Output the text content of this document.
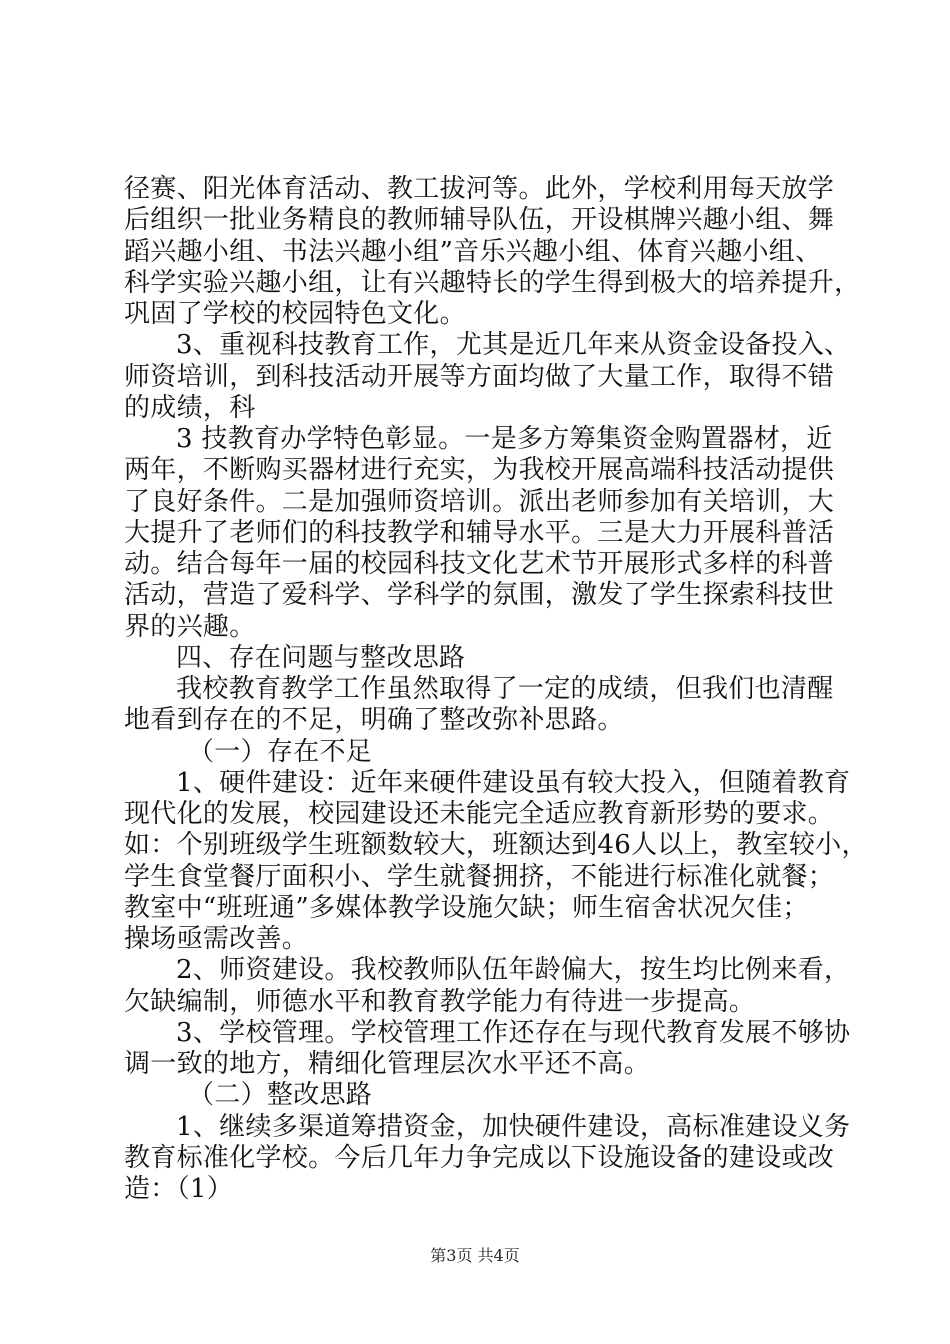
径赛、阳光体育活动、教工拔河等。此外，学校利用每天放学
后组织一批业务精良的教师辅导队伍，开设棋牌兴趣小组、舞
蹈兴趣小组、书法兴趣小组”音乐兴趣小组、体育兴趣小组、
科学实验兴趣小组，让有兴趣特长的学生得到极大的培养提升，
巩固了学校的校园特色文化。
3、重视科技教育工作，尤其是近几年来从资金设备投入、
师资培训，到科技活动开展等方面均做了大量工作，取得不错
的成绩，科
3 技教育办学特色彰显。一是多方筹集资金购置器材，近
两年，不断购买器材进行充实，为我校开展高端科技活动提供
了良好条件。二是加强师资培训。派出老师参加有关培训，大
大提升了老师们的科技教学和辅导水平。三是大力开展科普活
动。结合每年一届的校园科技文化艺术节开展形式多样的科普
活动，营造了爱科学、学科学的氛围，激发了学生探索科技世
界的兴趣。
四、存在问题与整改思路
我校教育教学工作虽然取得了一定的成绩，但我们也清醒
地看到存在的不足，明确了整改弥补思路。
（一）存在不足
1、硬件建设：近年来硬件建设虽有较大投入，但随着教育
现代化的发展，校园建设还未能完全适应教育新形势的要求。
如：个别班级学生班额数较大，班额达到46人以上，教室较小，
学生食堂餐厅面积小、学生就餐拥挤，不能进行标准化就餐；
教室中“班班通”多媒体教学设施欠缺；师生宿舍状况欠佳；
操场亟需改善。
2、师资建设。我校教师队伍年龄偏大，按生均比例来看，
欠缺编制，师德水平和教育教学能力有待进一步提高。
3、学校管理。学校管理工作还存在与现代教育发展不够协
调一致的地方，精细化管理层次水平还不高。
（二）整改思路
1、继续多渠道筹措资金，加快硬件建设，高标准建设义务
教育标准化学校。今后几年力争完成以下设施设备的建设或改
造：（1）
第3页 共4页
